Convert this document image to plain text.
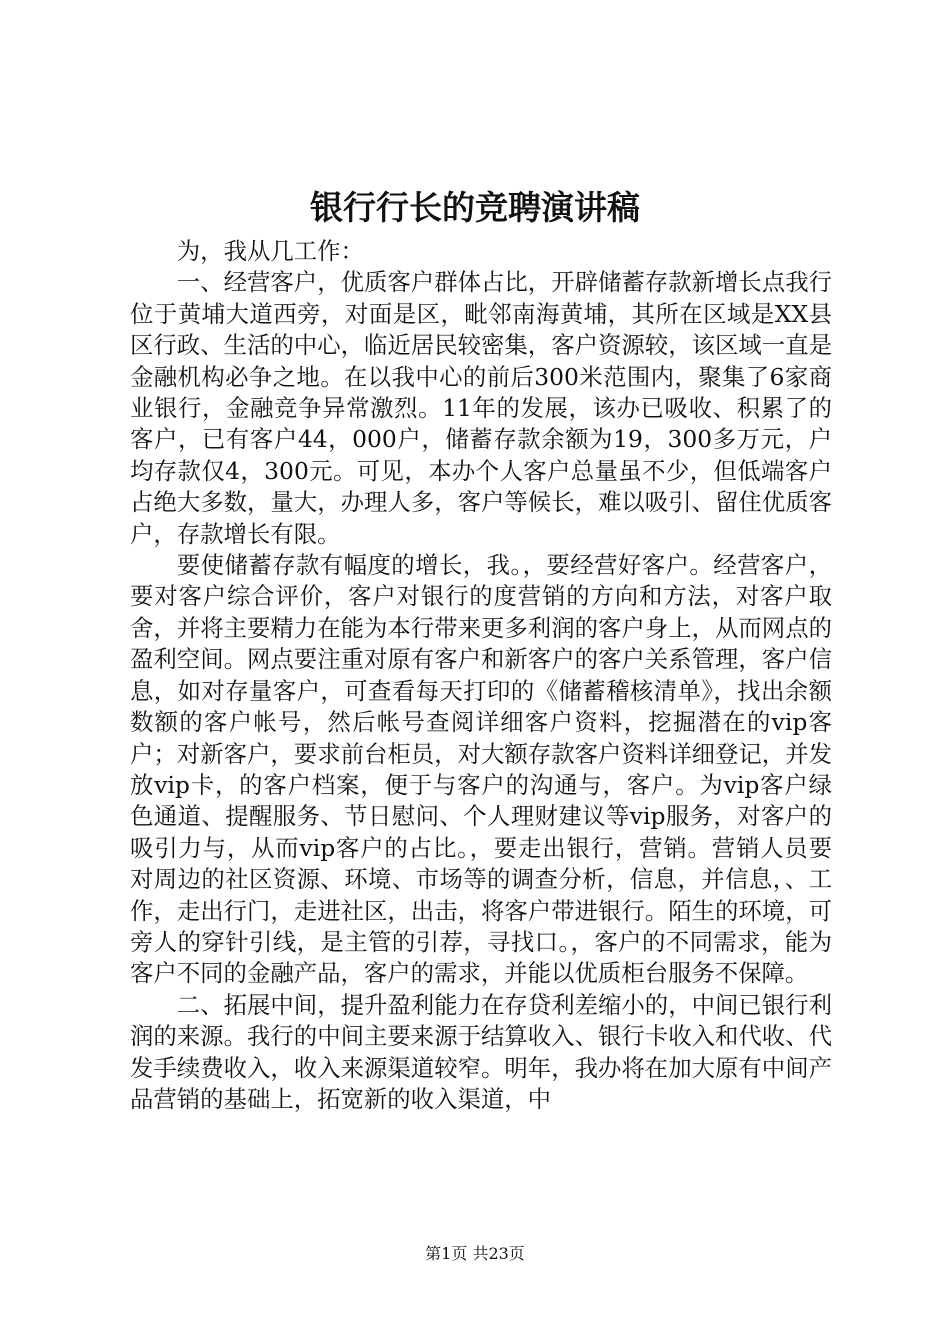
银行行长的竞聘演讲稿

为，我从几工作：

一、经营客户，优质客户群体占比，开辟储蓄存款新增长点我行位于黄埔大道西旁，对面是区，毗邻南海黄埔，其所在区域是XX县区行政、生活的中心，临近居民较密集，客户资源较，该区域一直是金融机构必争之地。在以我中心的前后300米范围内，聚集了6家商业银行，金融竞争异常激烈。11年的发展，该办已吸收、积累了的客户，已有客户44，000户，储蓄存款余额为19，300多万元，户均存款仅4，300元。可见，本办个人客户总量虽不少，但低端客户占绝大多数，量大，办理人多，客户等候长，难以吸引、留住优质客户，存款增长有限。

要使储蓄存款有幅度的增长，我。，要经营好客户。经营客户，要对客户综合评价，客户对银行的度营销的方向和方法，对客户取舍，并将主要精力在能为本行带来更多利润的客户身上，从而网点的盈利空间。网点要注重对原有客户和新客户的客户关系管理，客户信息，如对存量客户，可查看每天打印的《储蓄稽核清单》，找出余额数额的客户帐号，然后帐号查阅详细客户资料，挖掘潜在的vip客户；对新客户，要求前台柜员，对大额存款客户资料详细登记，并发放vip卡，的客户档案，便于与客户的沟通与，客户。为vip客户绿色通道、提醒服务、节日慰问、个人理财建议等vip服务，对客户的吸引力与，从而vip客户的占比。，要走出银行，营销。营销人员要对周边的社区资源、环境、市场等的调查分析，信息，并信息，、工作，走出行门，走进社区，出击，将客户带进银行。陌生的环境，可旁人的穿针引线，是主管的引荐，寻找口。，客户的不同需求，能为客户不同的金融产品，客户的需求，并能以优质柜台服务不保障。

二、拓展中间，提升盈利能力在存贷利差缩小的，中间已银行利润的来源。我行的中间主要来源于结算收入、银行卡收入和代收、代发手续费收入，收入来源渠道较窄。明年，我办将在加大原有中间产品营销的基础上，拓宽新的收入渠道，中

第1页 共23页
